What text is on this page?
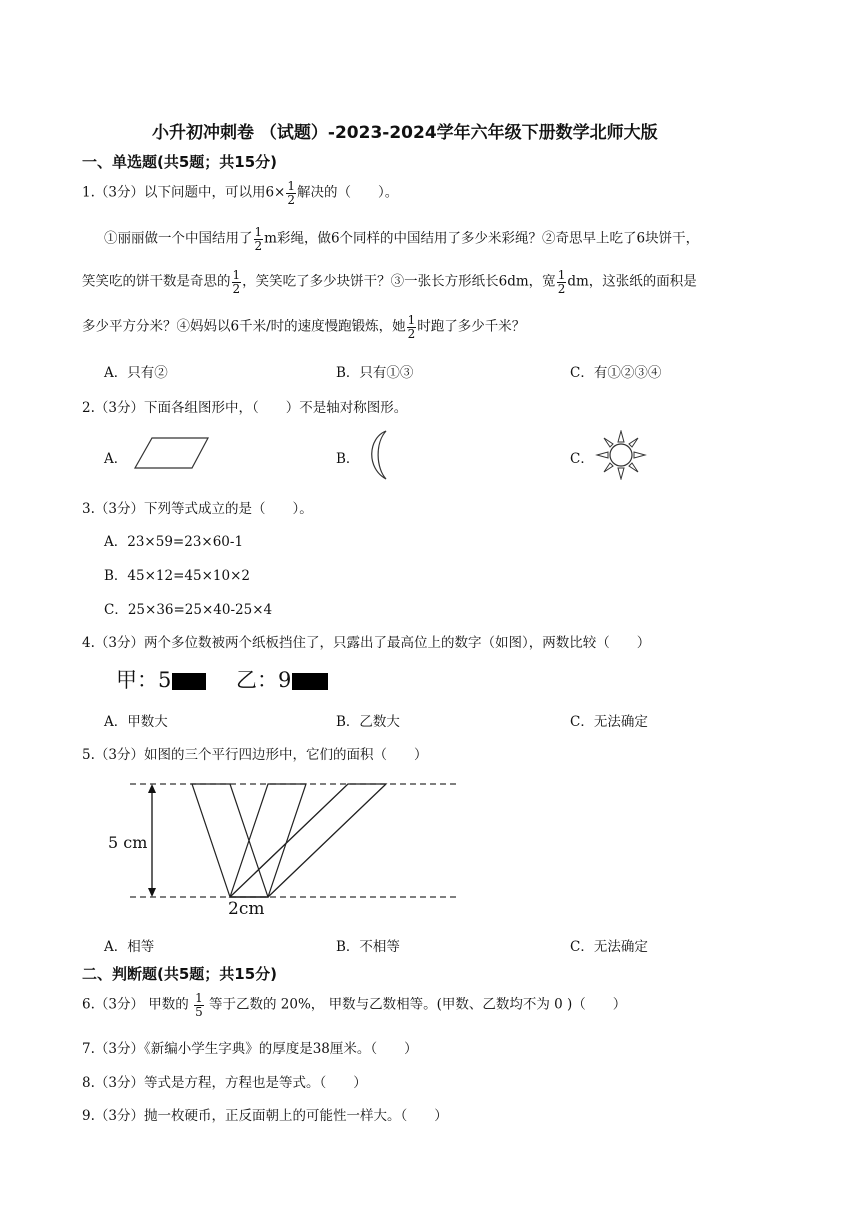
小升初冲刺卷 （试题）-2023-2024学年六年级下册数学北师大版
一、单选题(共5题；共15分)
1.（3分）以下问题中，可以用$6\times \frac{1}{2}$ 解决的（　　）。
①丽丽做一个中国结用了 $\frac{1}{2}$ m彩绳，做6个同样的中国结用了多少米彩绳？②奇思早上吃了6块饼干，
笑笑吃的饼干数是奇思的 $\frac{1}{2}$ ，笑笑吃了多少块饼干？③一张长方形纸长6dm，宽 $\frac{1}{2}$ dm，这张纸的面积是
多少平方分米？④妈妈以6千米/时的速度慢跑锻炼，她 $\frac{1}{2}$ 时跑了多少千米？
A．只有②	B．只有①③	C．有①②③④
2.（3分）下面各组图形中，（　　）不是轴对称图形。
A．	B．	C．
3.（3分）下列等式成立的是（　　）。
A．23×59=23×60-1
B．45×12=45×10×2
C．25×36=25×40-25×4
4.（3分）两个多位数被两个纸板挡住了，只露出了最高位上的数字（如图），两数比较（　　）
甲：5	乙：9
A．甲数大	B．乙数大	C．无法确定
5.（3分）如图的三个平行四边形中，它们的面积（　　）
5 cm
2cm
A．相等	B．不相等	C．无法确定
二、判断题(共5题；共15分)
6.（3分） 甲数的 $\frac{1}{5}$ 等于乙数的 20%， 甲数与乙数相等。(甲数、乙数均不为 0 )（　　）
7.（3分）《新编小学生字典》的厚度是38厘米。（　　）
8.（3分）等式是方程，方程也是等式。（　　）
9.（3分）抛一枚硬币，正反面朝上的可能性一样大。（　　）
